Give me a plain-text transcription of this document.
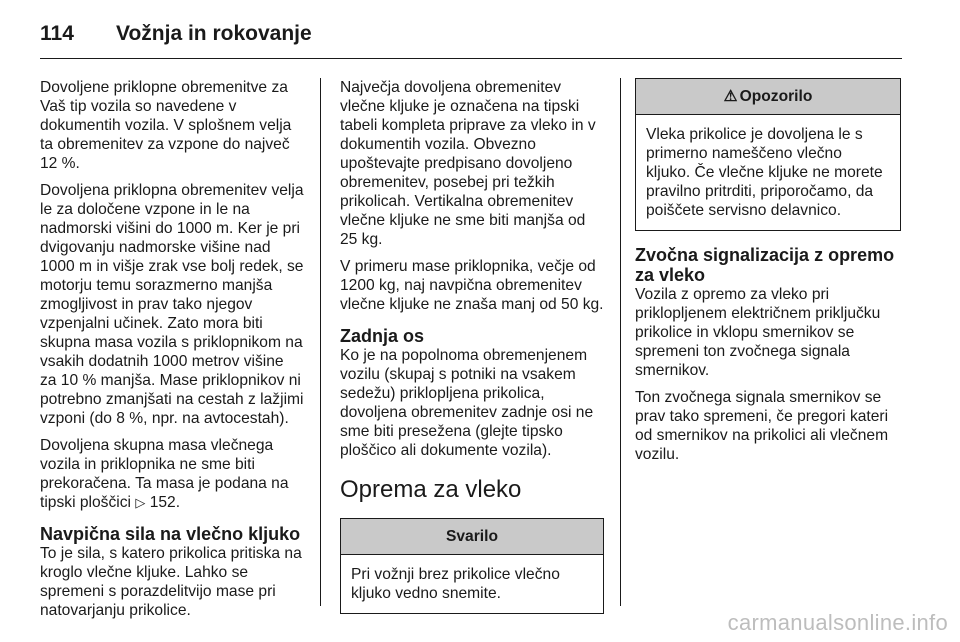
114	Vožnja in rokovanje

Dovoljene priklopne obremenitve za Vaš tip vozila so navedene v dokumentih vozila. V splošnem velja ta obremenitev za vzpone do največ 12 %.

Dovoljena priklopna obremenitev velja le za določene vzpone in le na nadmorski višini do 1000 m. Ker je pri dvigovanju nadmorske višine nad 1000 m in višje zrak vse bolj redek, se motorju temu sorazmerno manjša zmogljivost in prav tako njegov vzpenjalni učinek. Zato mora biti skupna masa vozila s priklopnikom na vsakih dodatnih 1000 metrov višine za 10 % manjša. Mase priklopnikov ni potrebno zmanjšati na cestah z lažjimi vzponi (do 8 %, npr. na avtocestah).

Dovoljena skupna masa vlečnega vozila in priklopnika ne sme biti prekoračena. Ta masa je podana na tipski ploščici ▷ 152.

Navpična sila na vlečno kljuko

To je sila, s katero prikolica pritiska na kroglo vlečne kljuke. Lahko se spremeni s porazdelitvijo mase pri natovarjanju prikolice.

Največja dovoljena obremenitev vlečne kljuke je označena na tipski tabeli kompleta priprave za vleko in v dokumentih vozila. Obvezno upoštevajte predpisano dovoljeno obremenitev, posebej pri težkih prikolicah. Vertikalna obremenitev vlečne kljuke ne sme biti manjša od 25 kg.

V primeru mase priklopnika, večje od 1200 kg, naj navpična obremenitev vlečne kljuke ne znaša manj od 50 kg.

Zadnja os

Ko je na popolnoma obremenjenem vozilu (skupaj s potniki na vsakem sedežu) priklopljena prikolica, dovoljena obremenitev zadnje osi ne sme biti presežena (glejte tipsko ploščico ali dokumente vozila).

Oprema za vleko
Svarilo
Pri vožnji brez prikolice vlečno kljuko vedno snemite.
⚠ Opozorilo
Vleka prikolice je dovoljena le s primerno nameščeno vlečno kljuko. Če vlečne kljuke ne morete pravilno pritrditi, priporočamo, da poiščete servisno delavnico.
Zvočna signalizacija z opremo za vleko

Vozila z opremo za vleko pri priklopljenem električnem priključku prikolice in vklopu smernikov se spremeni ton zvočnega signala smernikov.

Ton zvočnega signala smernikov se prav tako spremeni, če pregori kateri od smernikov na prikolici ali vlečnem vozilu.

carmanualsonline.info
